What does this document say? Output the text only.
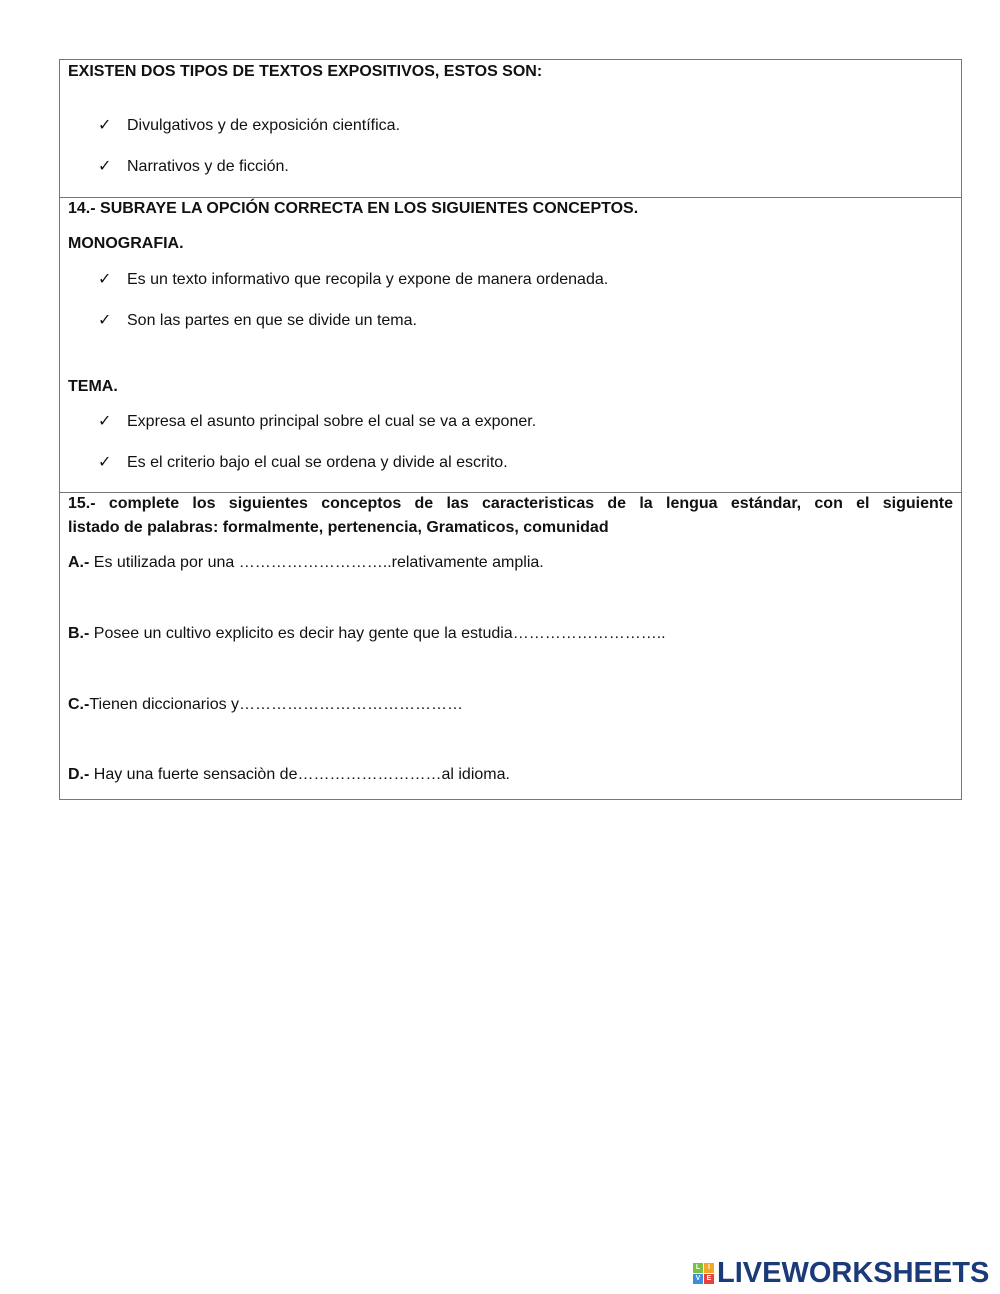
EXISTEN DOS TIPOS DE TEXTOS EXPOSITIVOS, ESTOS SON:
✓ Divulgativos y de exposición científica.
✓ Narrativos y de ficción.
14.- SUBRAYE LA OPCIÓN CORRECTA EN LOS SIGUIENTES CONCEPTOS.
MONOGRAFIA.
✓ Es un texto informativo que recopila y expone de manera ordenada.
✓ Son las partes en que se divide un tema.
TEMA.
✓ Expresa el asunto principal sobre el cual se va a exponer.
✓ Es el criterio bajo el cual se ordena y divide al escrito.
15.- complete los siguientes conceptos de las caracteristicas de la lengua estándar, con el siguiente
listado de palabras: formalmente, pertenencia, Gramaticos, comunidad
A.- Es utilizada por una ………………………..relativamente amplia.
B.- Posee un cultivo explicito es decir hay gente que la estudia………………………..
C.-Tienen diccionarios y……………………………………
D.- Hay una fuerte sensaciòn de………………………al idioma.
L	I
V E LIVEWORKSHEETS
